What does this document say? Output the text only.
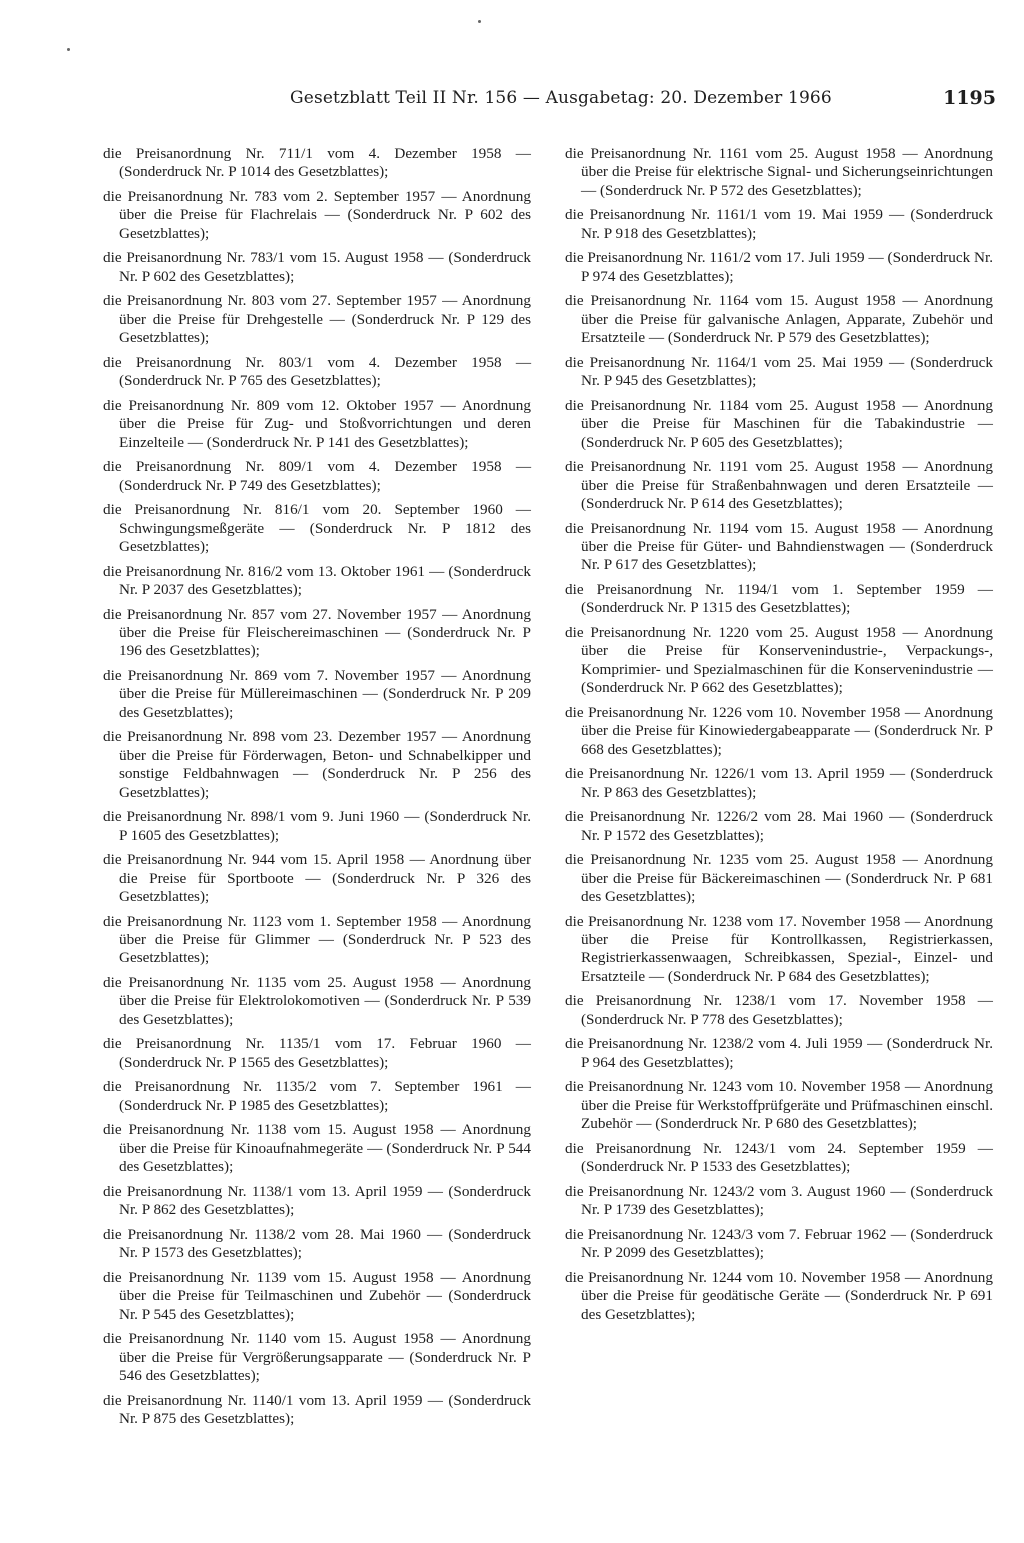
Gesetzblatt Teil II Nr. 156 — Ausgabetag: 20. Dezember 1966	1195

die Preisanordnung Nr. 711/1 vom 4. Dezember 1958 — (Sonderdruck Nr. P 1014 des Gesetzblattes);

die Preisanordnung Nr. 783 vom 2. September 1957 — Anordnung über die Preise für Flachrelais — (Sonderdruck Nr. P 602 des Gesetzblattes);

die Preisanordnung Nr. 783/1 vom 15. August 1958 — (Sonderdruck Nr. P 602 des Gesetzblattes);

die Preisanordnung Nr. 803 vom 27. September 1957 — Anordnung über die Preise für Drehgestelle — (Sonderdruck Nr. P 129 des Gesetzblattes);

die Preisanordnung Nr. 803/1 vom 4. Dezember 1958 — (Sonderdruck Nr. P 765 des Gesetzblattes);

die Preisanordnung Nr. 809 vom 12. Oktober 1957 — Anordnung über die Preise für Zug- und Stoßvorrichtungen und deren Einzelteile — (Sonderdruck Nr. P 141 des Gesetzblattes);

die Preisanordnung Nr. 809/1 vom 4. Dezember 1958 — (Sonderdruck Nr. P 749 des Gesetzblattes);

die Preisanordnung Nr. 816/1 vom 20. September 1960 — Schwingungsmeßgeräte — (Sonderdruck Nr. P 1812 des Gesetzblattes);

die Preisanordnung Nr. 816/2 vom 13. Oktober 1961 — (Sonderdruck Nr. P 2037 des Gesetzblattes);

die Preisanordnung Nr. 857 vom 27. November 1957 — Anordnung über die Preise für Fleischereimaschinen — (Sonderdruck Nr. P 196 des Gesetzblattes);

die Preisanordnung Nr. 869 vom 7. November 1957 — Anordnung über die Preise für Müllereimaschinen — (Sonderdruck Nr. P 209 des Gesetzblattes);

die Preisanordnung Nr. 898 vom 23. Dezember 1957 — Anordnung über die Preise für Förderwagen, Beton- und Schnabelkipper und sonstige Feldbahnwagen — (Sonderdruck Nr. P 256 des Gesetzblattes);

die Preisanordnung Nr. 898/1 vom 9. Juni 1960 — (Sonderdruck Nr. P 1605 des Gesetzblattes);

die Preisanordnung Nr. 944 vom 15. April 1958 — Anordnung über die Preise für Sportboote — (Sonderdruck Nr. P 326 des Gesetzblattes);

die Preisanordnung Nr. 1123 vom 1. September 1958 — Anordnung über die Preise für Glimmer — (Sonderdruck Nr. P 523 des Gesetzblattes);

die Preisanordnung Nr. 1135 vom 25. August 1958 — Anordnung über die Preise für Elektrolokomotiven — (Sonderdruck Nr. P 539 des Gesetzblattes);

die Preisanordnung Nr. 1135/1 vom 17. Februar 1960 — (Sonderdruck Nr. P 1565 des Gesetzblattes);

die Preisanordnung Nr. 1135/2 vom 7. September 1961 — (Sonderdruck Nr. P 1985 des Gesetzblattes);

die Preisanordnung Nr. 1138 vom 15. August 1958 — Anordnung über die Preise für Kinoaufnahmegeräte — (Sonderdruck Nr. P 544 des Gesetzblattes);

die Preisanordnung Nr. 1138/1 vom 13. April 1959 — (Sonderdruck Nr. P 862 des Gesetzblattes);

die Preisanordnung Nr. 1138/2 vom 28. Mai 1960 — (Sonderdruck Nr. P 1573 des Gesetzblattes);

die Preisanordnung Nr. 1139 vom 15. August 1958 — Anordnung über die Preise für Teilmaschinen und Zubehör — (Sonderdruck Nr. P 545 des Gesetzblattes);

die Preisanordnung Nr. 1140 vom 15. August 1958 — Anordnung über die Preise für Vergrößerungsapparate — (Sonderdruck Nr. P 546 des Gesetzblattes);

die Preisanordnung Nr. 1140/1 vom 13. April 1959 — (Sonderdruck Nr. P 875 des Gesetzblattes);

die Preisanordnung Nr. 1161 vom 25. August 1958 — Anordnung über die Preise für elektrische Signal- und Sicherungseinrichtungen — (Sonderdruck Nr. P 572 des Gesetzblattes);

die Preisanordnung Nr. 1161/1 vom 19. Mai 1959 — (Sonderdruck Nr. P 918 des Gesetzblattes);

die Preisanordnung Nr. 1161/2 vom 17. Juli 1959 — (Sonderdruck Nr. P 974 des Gesetzblattes);

die Preisanordnung Nr. 1164 vom 15. August 1958 — Anordnung über die Preise für galvanische Anlagen, Apparate, Zubehör und Ersatzteile — (Sonderdruck Nr. P 579 des Gesetzblattes);

die Preisanordnung Nr. 1164/1 vom 25. Mai 1959 — (Sonderdruck Nr. P 945 des Gesetzblattes);

die Preisanordnung Nr. 1184 vom 25. August 1958 — Anordnung über die Preise für Maschinen für die Tabakindustrie — (Sonderdruck Nr. P 605 des Gesetzblattes);

die Preisanordnung Nr. 1191 vom 25. August 1958 — Anordnung über die Preise für Straßenbahnwagen und deren Ersatzteile — (Sonderdruck Nr. P 614 des Gesetzblattes);

die Preisanordnung Nr. 1194 vom 15. August 1958 — Anordnung über die Preise für Güter- und Bahndienstwagen — (Sonderdruck Nr. P 617 des Gesetzblattes);

die Preisanordnung Nr. 1194/1 vom 1. September 1959 — (Sonderdruck Nr. P 1315 des Gesetzblattes);

die Preisanordnung Nr. 1220 vom 25. August 1958 — Anordnung über die Preise für Konservenindustrie-, Verpackungs-, Komprimier- und Spezialmaschinen für die Konservenindustrie — (Sonderdruck Nr. P 662 des Gesetzblattes);

die Preisanordnung Nr. 1226 vom 10. November 1958 — Anordnung über die Preise für Kinowiedergabeapparate — (Sonderdruck Nr. P 668 des Gesetzblattes);

die Preisanordnung Nr. 1226/1 vom 13. April 1959 — (Sonderdruck Nr. P 863 des Gesetzblattes);

die Preisanordnung Nr. 1226/2 vom 28. Mai 1960 — (Sonderdruck Nr. P 1572 des Gesetzblattes);

die Preisanordnung Nr. 1235 vom 25. August 1958 — Anordnung über die Preise für Bäckereimaschinen — (Sonderdruck Nr. P 681 des Gesetzblattes);

die Preisanordnung Nr. 1238 vom 17. November 1958 — Anordnung über die Preise für Kontrollkassen, Registrierkassen, Registrierkassenwaagen, Schreibkassen, Spezial-, Einzel- und Ersatzteile — (Sonderdruck Nr. P 684 des Gesetzblattes);

die Preisanordnung Nr. 1238/1 vom 17. November 1958 — (Sonderdruck Nr. P 778 des Gesetzblattes);

die Preisanordnung Nr. 1238/2 vom 4. Juli 1959 — (Sonderdruck Nr. P 964 des Gesetzblattes);

die Preisanordnung Nr. 1243 vom 10. November 1958 — Anordnung über die Preise für Werkstoffprüfgeräte und Prüfmaschinen einschl. Zubehör — (Sonderdruck Nr. P 680 des Gesetzblattes);

die Preisanordnung Nr. 1243/1 vom 24. September 1959 — (Sonderdruck Nr. P 1533 des Gesetzblattes);

die Preisanordnung Nr. 1243/2 vom 3. August 1960 — (Sonderdruck Nr. P 1739 des Gesetzblattes);

die Preisanordnung Nr. 1243/3 vom 7. Februar 1962 — (Sonderdruck Nr. P 2099 des Gesetzblattes);

die Preisanordnung Nr. 1244 vom 10. November 1958 — Anordnung über die Preise für geodätische Geräte — (Sonderdruck Nr. P 691 des Gesetzblattes);
